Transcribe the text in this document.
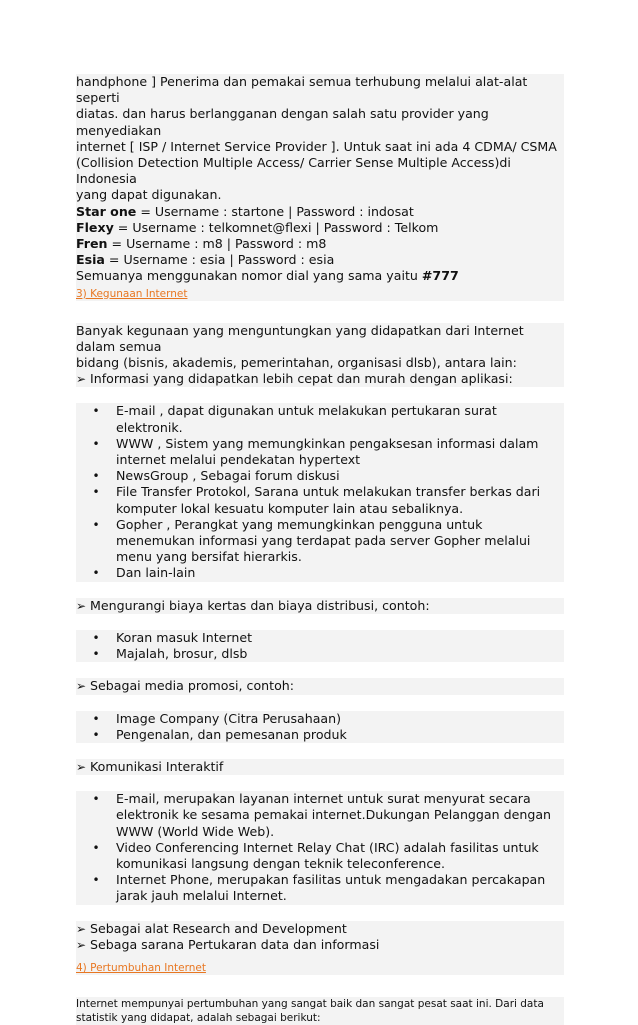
handphone ] Penerima dan pemakai semua terhubung melalui alat-alat seperti

diatas. dan harus berlangganan dengan salah satu provider yang menyediakan

internet [ ISP / Internet Service Provider ]. Untuk saat ini ada 4 CDMA/ CSMA

(Collision Detection Multiple Access/ Carrier Sense Multiple Access)di Indonesia

yang dapat digunakan.

Star one = Username : startone | Password : indosat

Flexy = Username : telkomnet@flexi | Password : Telkom

Fren = Username : m8 | Password : m8

Esia = Username : esia | Password : esia

Semuanya menggunakan nomor dial yang sama yaitu #777

3) Kegunaan Internet

Banyak kegunaan yang menguntungkan yang didapatkan dari Internet dalam semua

bidang (bisnis, akademis, pemerintahan, organisasi dlsb), antara lain:

➢ Informasi yang didapatkan lebih cepat dan murah dengan aplikasi:
•	E-mail , dapat digunakan untuk melakukan pertukaran surat elektronik.
•	WWW , Sistem yang memungkinkan pengaksesan informasi dalam internet melalui pendekatan hypertext
•	NewsGroup , Sebagai forum diskusi
•	File Transfer Protokol, Sarana untuk melakukan transfer berkas dari komputer lokal kesuatu komputer lain atau sebaliknya.
•	Gopher , Perangkat yang memungkinkan pengguna untuk menemukan informasi yang terdapat pada server Gopher melalui menu yang bersifat hierarkis.
•	Dan lain-lain
➢ Mengurangi biaya kertas dan biaya distribusi, contoh:
•	Koran masuk Internet
•	Majalah, brosur, dlsb
➢ Sebagai media promosi, contoh:
•	Image Company (Citra Perusahaan)
•	Pengenalan, dan pemesanan produk
➢ Komunikasi Interaktif
•	E-mail, merupakan layanan internet untuk surat menyurat secara elektronik ke sesama pemakai internet.Dukungan Pelanggan dengan WWW (World Wide Web).
•	Video Conferencing Internet Relay Chat (IRC) adalah fasilitas untuk komunikasi langsung dengan teknik teleconference.
•	Internet Phone, merupakan fasilitas untuk mengadakan percakapan jarak jauh melalui Internet.
➢ Sebagai alat Research and Development
➢ Sebaga sarana Pertukaran data dan informasi
4) Pertumbuhan Internet
Internet mempunyai pertumbuhan yang sangat baik dan sangat pesat saat ini. Dari data statistik yang didapat, adalah sebagai berikut:
